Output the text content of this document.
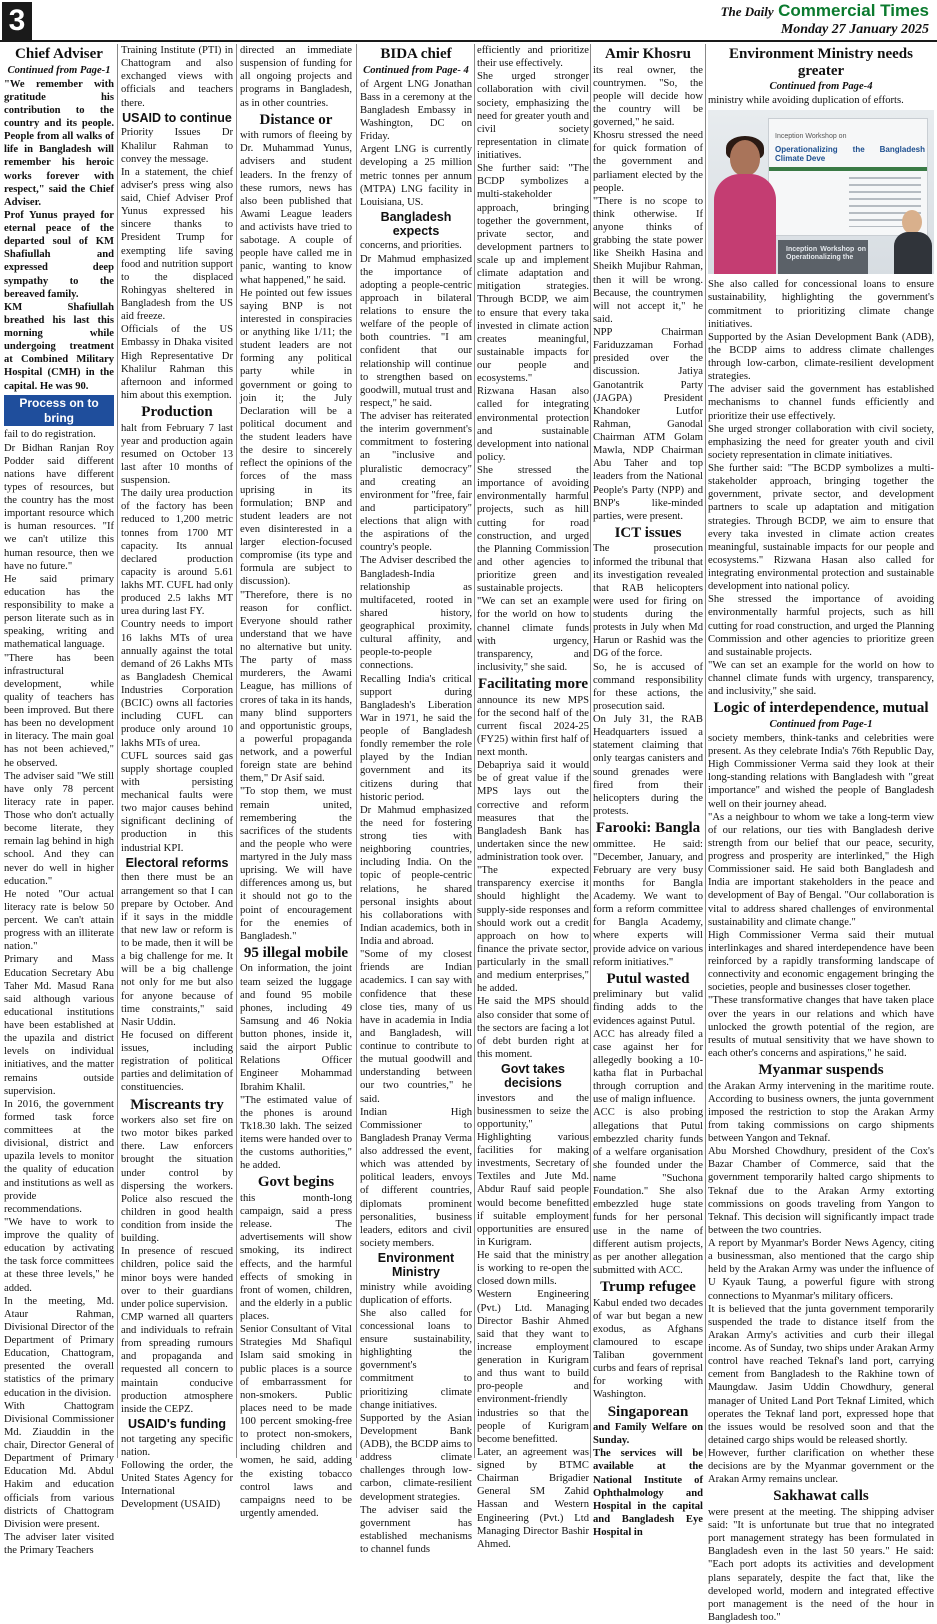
3	The Daily Commercial Times
Monday 27 January 2025
Chief Adviser
Continued from Page-1

"We remember with gratitude his contribution to the country and its people. People from all walks of life in Bangladesh will remember his heroic works forever with respect," said the Chief Adviser.

Prof Yunus prayed for eternal peace of the departed soul of KM Shafiullah and expressed deep sympathy to the bereaved family.

KM Shafiullah breathed his last this morning while undergoing treatment at Combined Military Hospital (CMH) in the capital. He was 90.

Process on to bring

fail to do registration.

Dr Bidhan Ranjan Roy Podder said different nations have different types of resources, but the country has the most important resource which is human resources. "If we can't utilize this human resource, then we have no future."

He said primary education has the responsibility to make a person literate such as in speaking, writing and mathematical language.

"There has been infrastructural development, while quality of teachers has been improved. But there has been no development in literacy. The main goal has not been achieved," he observed.

The adviser said "We still have only 78 percent literacy rate in paper. Those who don't actually become literate, they remain lag behind in high school. And they can never do well in higher education."

He noted "Our actual literacy rate is below 50 percent. We can't attain progress with an illiterate nation."

Primary and Mass Education Secretary Abu Taher Md. Masud Rana said although various educational institutions have been established at the upazila and district levels on individual initiatives, and the matter remains outside supervision.

In 2016, the government formed task force committees at the divisional, district and upazila levels to monitor the quality of education and institutions as well as provide recommendations.

"We have to work to improve the quality of education by activating the task force committees at these three levels," he added.

In the meeting, Md. Ataur Rahman, Divisional Director of the Department of Primary Education, Chattogram, presented the overall statistics of the primary education in the division.

With Chattogram Divisional Commissioner Md. Ziauddin in the chair, Director General of Department of Primary Education Md. Abdul Hakim and education officials from various districts of Chattogram Division were present.

The adviser later visited the Primary Teachers

Training Institute (PTI) in Chattogram and also exchanged views with officials and teachers there.

USAID to continue

Priority Issues Dr Khalilur Rahman to convey the message.

In a statement, the chief adviser's press wing also said, Chief Adviser Prof Yunus expressed his sincere thanks to President Trump for exempting life saving food and nutrition support to the displaced Rohingyas sheltered in Bangladesh from the US aid freeze.

Officials of the US Embassy in Dhaka visited High Representative Dr Khalilur Rahman this afternoon and informed him about this exemption.

Production

halt from February 7 last year and production again resumed on October 13 last after 10 months of suspension.

The daily urea production of the factory has been reduced to 1,200 metric tonnes from 1700 MT capacity. Its annual declared production capacity is around 5.61 lakhs MT. CUFL had only produced 2.5 lakhs MT urea during last FY.

Country needs to import 16 lakhs MTs of urea annually against the total demand of 26 Lakhs MTs as Bangladesh Chemical Industries Corporation (BCIC) owns all factories including CUFL can produce only around 10 lakhs MTs of urea.

CUFL sources said gas supply shortage coupled with persisting mechanical faults were two major causes behind significant declining of production in this industrial KPI.

Electoral reforms

then there must be an arrangement so that I can prepare by October. And if it says in the middle that new law or reform is to be made, then it will be a big challenge for me. It will be a big challenge not only for me but also for anyone because of time constraints," said Nasir Uddin.

He focused on different issues, including registration of political parties and delimitation of constituencies.

Miscreants try

workers also set fire on two motor bikes parked there. Law enforcers brought the situation under control by dispersing the workers. Police also rescued the children in good health condition from inside the building.

In presence of rescued children, police said the minor boys were handed over to their guardians under police supervision.

CMP warned all quarters and individuals to refrain from spreading rumours and propaganda and requested all concern to maintain conducive production atmosphere inside the CEPZ.

USAID's funding

not targeting any specific nation.

Following the order, the United States Agency for International Development (USAID)

directed an immediate suspension of funding for all ongoing projects and programs in Bangladesh, as in other countries.

Distance or

with rumors of fleeing by Dr. Muhammad Yunus, advisers and student leaders. In the frenzy of these rumors, news has also been published that Awami League leaders and activists have tried to sabotage. A couple of people have called me in panic, wanting to know what happened," he said.

He pointed out few issues saying BNP is not interested in conspiracies or anything like 1/11; the student leaders are not forming any political party while in government or going to join it; the July Declaration will be a political document and the student leaders have the desire to sincerely reflect the opinions of the forces of the mass uprising in its formulation; BNP and student leaders are not even disinterested in a larger election-focused compromise (its type and formula are subject to discussion).

"Therefore, there is no reason for conflict. Everyone should rather understand that we have no alternative but unity. The party of mass murderers, the Awami League, has millions of crores of taka in its hands, many blind supporters and opportunistic groups, a powerful propaganda network, and a powerful foreign state are behind them," Dr Asif said.

"To stop them, we must remain united, remembering the sacrifices of the students and the people who were martyred in the July mass uprising. We will have differences among us, but it should not go to the point of encouragement for the enemies of Bangladesh."

95 illegal mobile

On information, the joint team seized the luggage and found 95 mobile phones, including 49 Samsung and 46 Nokia button phones, inside it, said the airport Public Relations Officer Engineer Mohammad Ibrahim Khalil.

"The estimated value of the phones is around Tk18.30 lakh. The seized items were handed over to the customs authorities," he added.

Govt begins

this month-long campaign, said a press release. The advertisements will show smoking, its indirect effects, and the harmful effects of smoking in front of women, children, and the elderly in a public places.

Senior Consultant of Vital Strategies Md Shafiqul Islam said smoking in public places is a source of embarrassment for non-smokers. Public places need to be made 100 percent smoking-free to protect non-smokers, including children and women, he said, adding the existing tobacco control laws and campaigns need to be urgently amended.

BIDA chief
Continued from Page- 4

of Argent LNG Jonathan Bass in a ceremony at the Bangladesh Embassy in Washington, DC on Friday.

Argent LNG is currently developing a 25 million metric tonnes per annum (MTPA) LNG facility in Louisiana, US.

Bangladesh expects

concerns, and priorities.

Dr Mahmud emphasized the importance of adopting a people-centric approach in bilateral relations to ensure the welfare of the people of both countries. "I am confident that our relationship will continue to strengthen based on goodwill, mutual trust and respect," he said.

The adviser has reiterated the interim government's commitment to fostering an "inclusive and pluralistic democracy" and creating an environment for "free, fair and participatory" elections that align with the aspirations of the country's people.

The Adviser described the Bangladesh-India relationship as multifaceted, rooted in shared history, geographical proximity, cultural affinity, and people-to-people connections.

Recalling India's critical support during Bangladesh's Liberation War in 1971, he said the people of Bangladesh fondly remember the role played by the Indian government and its citizens during that historic period.

Dr Mahmud emphasized the need for fostering strong ties with neighboring countries, including India. On the topic of people-centric relations, he shared personal insights about his collaborations with Indian academics, both in India and abroad.

"Some of my closest friends are Indian academics. I can say with confidence that these close ties, many of us have in academia in India and Bangladesh, will continue to contribute to the mutual goodwill and understanding between our two countries," he said.

Indian High Commissioner to Bangladesh Pranay Verma also addressed the event, which was attended by political leaders, envoys of different countries, diplomats prominent personalities, business leaders, editors and civil society members.

Environment Ministry

ministry while avoiding duplication of efforts.

She also called for concessional loans to ensure sustainability, highlighting the government's commitment to prioritizing climate change initiatives.

Supported by the Asian Development Bank (ADB), the BCDP aims to address climate challenges through low-carbon, climate-resilient development strategies.

The adviser said the government has established mechanisms to channel funds

efficiently and prioritize their use effectively.

She urged stronger collaboration with civil society, emphasizing the need for greater youth and civil society representation in climate initiatives.

She further said: "The BCDP symbolizes a multi-stakeholder approach, bringing together the government, private sector, and development partners to scale up and implement climate adaptation and mitigation strategies. Through BCDP, we aim to ensure that every taka invested in climate action creates meaningful, sustainable impacts for our people and ecosystems."

Rizwana Hasan also called for integrating environmental protection and sustainable development into national policy.

She stressed the importance of avoiding environmentally harmful projects, such as hill cutting for road construction, and urged the Planning Commission and other agencies to prioritize green and sustainable projects.

"We can set an example for the world on how to channel climate funds with urgency, transparency, and inclusivity," she said.

Facilitating more

announce its new MPS for the second half of the current fiscal 2024-25 (FY25) within first half of next month.

Debapriya said it would be of great value if the MPS lays out the corrective and reform measures that the Bangladesh Bank has undertaken since the new administration took over.

"The expected transparency exercise it should highlight the supply-side responses and should work out a credit approach on how to finance the private sector, particularly in the small and medium enterprises," he added.

He said the MPS should also consider that some of the sectors are facing a lot of debt burden right at this moment.

Govt takes decisions

investors and the businessmen to seize the opportunity,"

Highlighting various facilities for making investments, Secretary of Textiles and Jute Md. Abdur Rauf said people would become benefitted if suitable employment opportunities are ensured in Kurigram.

He said that the ministry is working to re-open the closed down mills.

Western Engineering (Pvt.) Ltd. Managing Director Bashir Ahmed said that they want to increase employment generation in Kurigram and thus want to build pro-people and environment-friendly industries so that the people of Kurigram become benefitted.

Later, an agreement was signed by BTMC Chairman Brigadier General SM Zahid Hassan and Western Engineering (Pvt.) Ltd Managing Director Bashir Ahmed.

Amir Khosru

its real owner, the countrymen. "So, the people will decide how the country will be governed," he said.

Khosru stressed the need for quick formation of the government and parliament elected by the people.

"There is no scope to think otherwise. If anyone thinks of grabbing the state power like Sheikh Hasina and Sheikh Mujibur Rahman, then it will be wrong. Because, the countrymen will not accept it," he said.

NPP Chairman Fariduzzaman Forhad presided over the discussion. Jatiya Ganotantrik Party (JAGPA) President Khandoker Lutfor Rahman, Ganodal Chairman ATM Golam Mawla, NDP Chairman Abu Taher and top leaders from the National People's Party (NPP) and BNP's like-minded parties, were present.

ICT issues

The prosecution informed the tribunal that its investigation revealed that RAB helicopters were used for firing on students during the protests in July when Md Harun or Rashid was the DG of the force.

So, he is accused of command responsibility for these actions, the prosecution said.

On July 31, the RAB Headquarters issued a statement claiming that only teargas canisters and sound grenades were fired from their helicopters during the protests.

Farooki: Bangla

ommittee. He said: "December, January, and February are very busy months for Bangla Academy. We want to form a reform committee for Bangla Academy, where experts will provide advice on various reform initiatives."

Putul wasted

preliminary but valid finding adds to the evidences against Putul.

ACC has already filed a case against her for allegedly booking a 10-katha flat in Purbachal through corruption and use of malign influence.

ACC is also probing allegations that Putul embezzled charity funds of a welfare organisation she founded under the name "Suchona Foundation." She also embezzled huge state funds for her personal use in the name of different autism projects, as per another allegation submitted with ACC.

Trump refugee

Kabul ended two decades of war but began a new exodus, as Afghans clamoured to escape Taliban government curbs and fears of reprisal for working with Washington.

Singaporean

and Family Welfare on Sunday.

The services will be available at the National Institute of Ophthalmology and Hospital in the capital and Bangladesh Eye Hospital in

Environment Ministry needs greater
Continued from Page-4

ministry while avoiding duplication of efforts.

Inception Workshop on
Operationalizing the Bangladesh Climate Deve
Inception Workshop on Operationalizing the

She also called for concessional loans to ensure sustainability, highlighting the government's commitment to prioritizing climate change initiatives.

Supported by the Asian Development Bank (ADB), the BCDP aims to address climate challenges through low-carbon, climate-resilient development strategies.

The adviser said the government has established mechanisms to channel funds efficiently and prioritize their use effectively.

She urged stronger collaboration with civil society, emphasizing the need for greater youth and civil society representation in climate initiatives.

She further said: "The BCDP symbolizes a multi-stakeholder approach, bringing together the government, private sector, and development partners to scale up adaptation and mitigation strategies. Through BCDP, we aim to ensure that every taka invested in climate action creates meaningful, sustainable impacts for our people and ecosystems." Rizwana Hasan also called for integrating environmental protection and sustainable development into national policy.

She stressed the importance of avoiding environmentally harmful projects, such as hill cutting for road construction, and urged the Planning Commission and other agencies to prioritize green and sustainable projects.

"We can set an example for the world on how to channel climate funds with urgency, transparency, and inclusivity," she said.

Logic of interdependence, mutual
Continued from Page-1

society members, think-tanks and celebrities were present. As they celebrate India's 76th Republic Day, High Commissioner Verma said they look at their long-standing relations with Bangladesh with "great importance" and wished the people of Bangladesh well on their journey ahead.

"As a neighbour to whom we take a long-term view of our relations, our ties with Bangladesh derive strength from our belief that our peace, security, progress and prosperity are interlinked," the High Commissioner said. He said both Bangladesh and India are important stakeholders in the peace and development of Bay of Bengal. "Our collaboration is vital to address shared challenges of environmental sustainability and climate change."

High Commissioner Verma said their mutual interlinkages and shared interdependence have been reinforced by a rapidly transforming landscape of connectivity and economic engagement bringing the societies, people and businesses closer together.

"These transformative changes that have taken place over the years in our relations and which have unlocked the growth potential of the region, are results of mutual sensitivity that we have shown to each other's concerns and aspirations," he said.

Myanmar suspends

the Arakan Army intervening in the maritime route. According to business owners, the junta government imposed the restriction to stop the Arakan Army from taking commissions on cargo shipments between Yangon and Teknaf.

Abu Morshed Chowdhury, president of the Cox's Bazar Chamber of Commerce, said that the government temporarily halted cargo shipments to Teknaf due to the Arakan Army extorting commissions on goods traveling from Yangon to Teknaf. This decision will significantly impact trade between the two countries.

A report by Myanmar's Border News Agency, citing a businessman, also mentioned that the cargo ship held by the Arakan Army was under the influence of U Kyauk Taung, a powerful figure with strong connections to Myanmar's military officers.

It is believed that the junta government temporarily suspended the trade to distance itself from the Arakan Army's activities and curb their illegal income. As of Sunday, two ships under Arakan Army control have reached Teknaf's land port, carrying cement from Bangladesh to the Rakhine town of Maungdaw. Jasim Uddin Chowdhury, general manager of United Land Port Teknaf Limited, which operates the Teknaf land port, expressed hope that the issues would be resolved soon and that the detained cargo ships would be released shortly.

However, further clarification on whether these decisions are by the Myanmar government or the Arakan Army remains unclear.

Sakhawat calls

were present at the meeting. The shipping adviser said: "It is unfortunate but true that no integrated port management strategy has been formulated in Bangladesh even in the last 50 years." He said: "Each port adopts its activities and development plans separately, despite the fact that, like the developed world, modern and integrated effective port management is the need of the hour in Bangladesh too."
